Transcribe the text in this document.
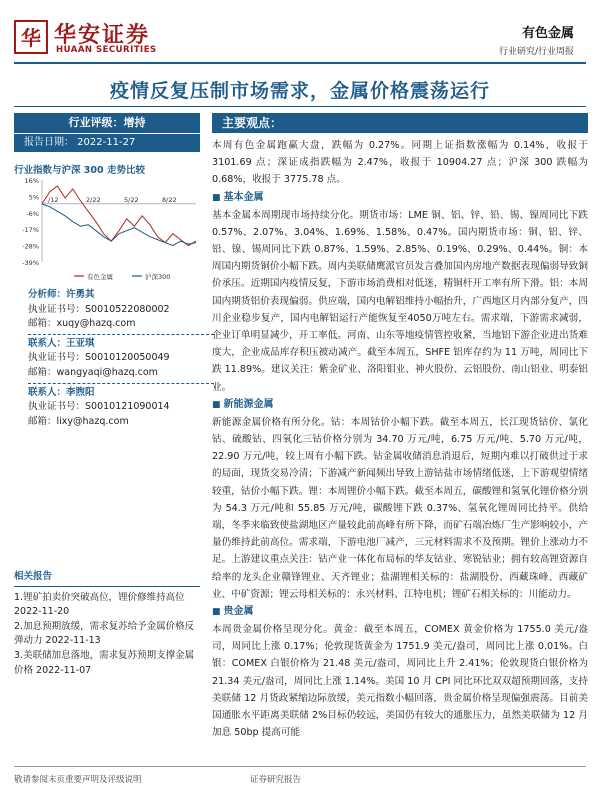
华 华安证券
HUAAN SECURITIES
有色金属
行业研究/行业周报
疫情反复压制市场需求，金属价格震荡运行
行业评级：增持
报告日期： 2022-11-27
行业指数与沪深 300 走势比较
16%
5%
-6%
-17%
-28%
-39%
/12	2/22	5/22	8/22
有色金属	沪深300
分析师：许勇其
执业证书号：S0010522080002
邮箱：xuqy@hazq.com
联系人：王亚琪
执业证书号：S0010120050049
邮箱：wangyaqi@hazq.com
联系人：李煦阳
执业证书号：S0010121090014
邮箱：lixy@hazq.com
相关报告
1.锂矿拍卖价突破高位，锂价修维持高位 2022-11-20
2.加息预期放缓，需求复苏给予金属价格反弹动力 2022-11-13
3.美联储加息落地，需求复苏预期支撑金属价格 2022-11-07
主要观点：

本周有色金属跑赢大盘，跌幅为 0.27%。同期上证指数涨幅为 0.14%，收报于 3101.69 点；深证成指跌幅为 2.47%，收报于 10904.27 点；沪深 300 跌幅为 0.68%，收报于 3775.78 点。

■ 基本金属

基本金属本周期现市场持续分化。期货市场：LME 铜、铝、锌、铅、锡、镍周同比下跌 0.57%、2.07%、3.04%、1.69%、1.58%、0.47%。国内期货市场：铜、铝、锌、铅、镍、锡周同比下跌 0.87%、1.59%、2.85%、0.19%、0.29%、0.44%。铜：本周国内期货铜价小幅下跌。周内美联储鹰派官员发言叠加国内房地产数据表现偏弱导致铜价承压。近期国内疫情反复，下游市场消费相对低迷，精铜杆开工率有所下滑。铝：本周国内期货铝价表现偏弱。供应端，国内电解铝维持小幅抬升，广西地区月内部分复产，四川企业稳步复产，国内电解铝运行产能恢复至4050万吨左右。需求端，下游需求减弱，企业订单明显减少，开工率低。河南、山东等地疫情管控收紧，当地铝下游企业进出货难度大，企业成品库存积压被动减产。截至本周五，SHFE 铝库存约为 11 万吨，周同比下跌 11.89%。建议关注：紫金矿业、洛阳钼业、神火股份、云铝股份、南山铝业、明泰铝业。

■ 新能源金属

新能源金属价格有所分化。钴：本周钴价小幅下跌。截至本周五，长江现货钴价、氯化钴、硫酸钴、四氧化三钴价格分别为 34.70 万元/吨，6.75 万元/吨、5.70 万元/吨，22.90 万元/吨，较上周有小幅下跌。钴金属收储消息消退后，短期内难以打破供过于求的局面，现货交易冷清；下游减产新闻频出导致上游钴盐市场情绪低迷，上下游观望情绪较重，钴价小幅下跌。锂：本周锂价小幅下跌。截至本周五，碳酸锂和氢氧化锂价格分别为 54.3 万元/吨和 55.85 万元/吨，碳酸锂下跌 0.37%、氢氧化锂周同比持平。供给端，冬季来临致使盐湖地区产量较此前高峰有所下降，而矿石端冶炼厂生产影响较小，产量仍维持此前高位。需求端，下游电池厂减产，三元材料需求不及预期。锂价上涨动力不足。上游建议重点关注：钴产业一体化布局标的华友钴业、寒锐钴业；拥有较高锂资源自给率的龙头企业赣锋锂业、天齐锂业；盐湖锂相关标的：盐湖股份、西藏珠峰、西藏矿业、中矿资源；锂云母相关标的：永兴材料、江特电机；锂矿石相关标的：川能动力。

■ 贵金属

本周贵金属价格呈现分化。黄金：截至本周五，COMEX 黄金价格为 1755.0 美元/盎司，周同比上涨 0.17%；伦敦现货黄金为 1751.9 美元/盎司，周同比上涨 0.01%。白银：COMEX 白银价格为 21.48 美元/盎司，周同比上升 2.41%；伦敦现货白银价格为 21.34 美元/盎司，周同比上涨 1.14%。美国 10 月 CPI 同比环比双双超预期回落，支持美联储 12 月货政紧缩边际放缓，美元指数小幅回落，贵金属价格呈现偏强震荡。目前美国通胀水平距离美联储 2%目标仍较远，美国仍有较大的通胀压力，虽然美联储为 12 月加息 50bp 提高可能

敬请参阅末页重要声明及评级说明	证券研究报告
